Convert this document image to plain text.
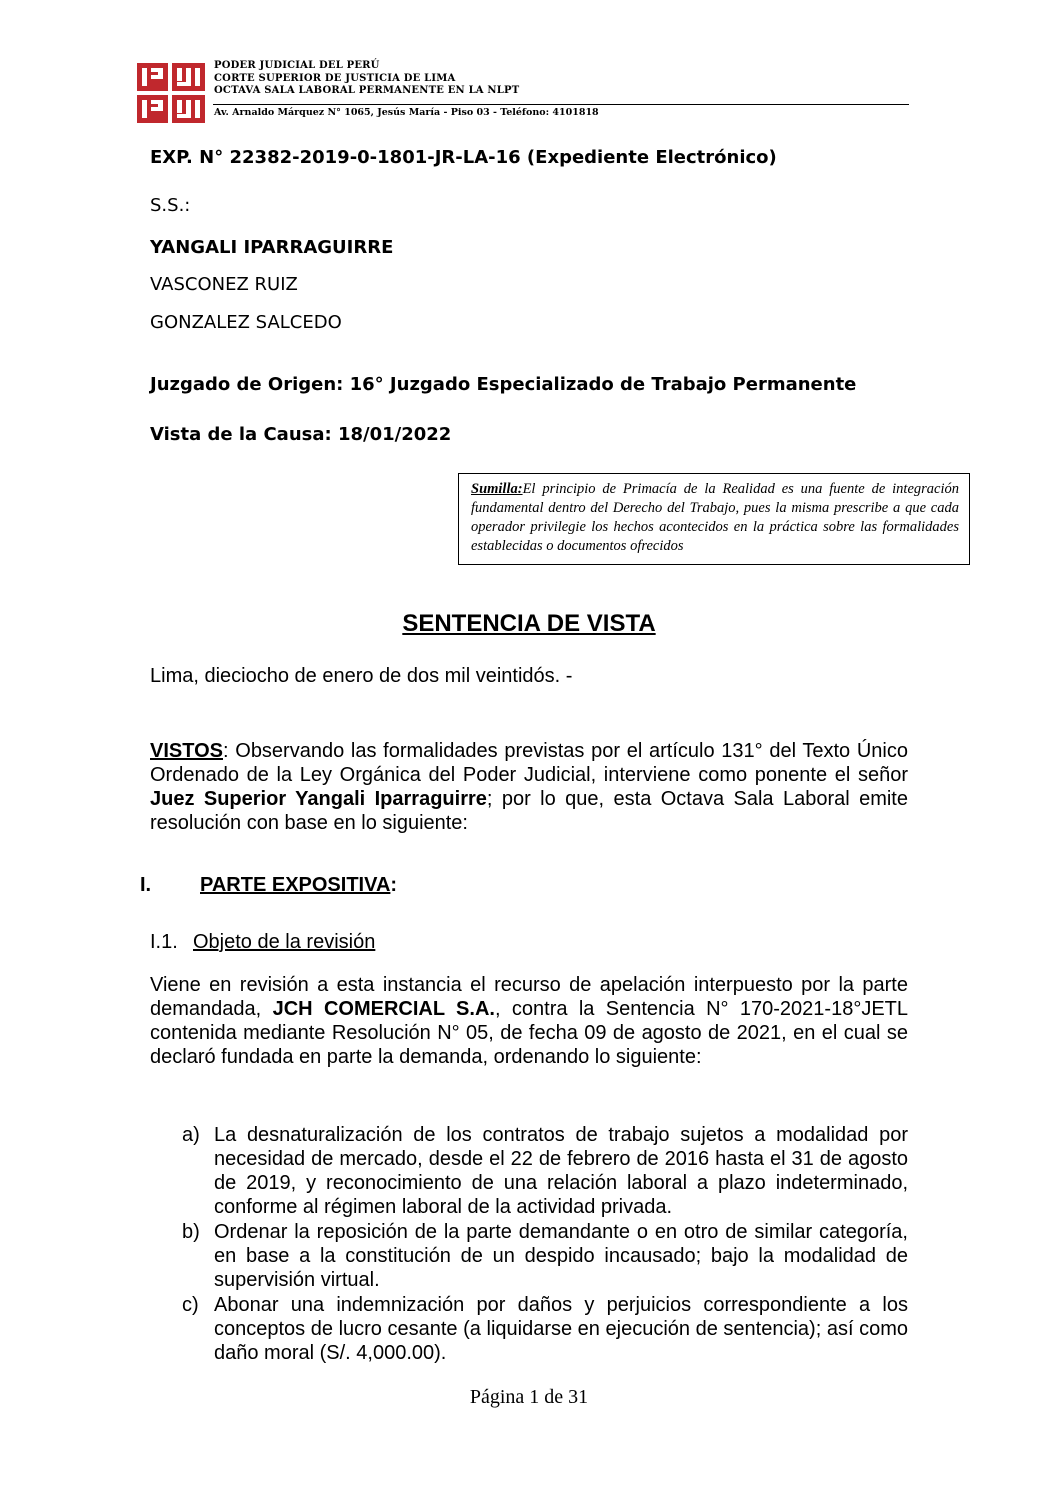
PODER JUDICIAL DEL PERÚ
CORTE SUPERIOR DE JUSTICIA DE LIMA
OCTAVA SALA LABORAL PERMANENTE EN LA NLPT
Av. Arnaldo Márquez N° 1065, Jesús María - Piso 03 - Teléfono: 4101818
EXP. N° 22382-2019-0-1801-JR-LA-16 (Expediente Electrónico)
S.S.:
YANGALI IPARRAGUIRRE
VASCONEZ RUIZ
GONZALEZ SALCEDO
Juzgado de Origen: 16° Juzgado Especializado de Trabajo Permanente
Vista de la Causa: 18/01/2022
Sumilla:El principio de Primacía de la Realidad es una fuente de integración fundamental dentro del Derecho del Trabajo, pues la misma prescribe a que cada operador privilegie los hechos acontecidos en la práctica sobre las formalidades establecidas o documentos ofrecidos
SENTENCIA DE VISTA
Lima, dieciocho de enero de dos mil veintidós. -
VISTOS: Observando las formalidades previstas por el artículo 131° del Texto Único Ordenado de la Ley Orgánica del Poder Judicial, interviene como ponente el señor Juez Superior Yangali Iparraguirre; por lo que, esta Octava Sala Laboral emite resolución con base en lo siguiente:
I. PARTE EXPOSITIVA:
I.1. Objeto de la revisión
Viene en revisión a esta instancia el recurso de apelación interpuesto por la parte demandada, JCH COMERCIAL S.A., contra la Sentencia N° 170-2021-18°JETL contenida mediante Resolución N° 05, de fecha 09 de agosto de 2021, en el cual se declaró fundada en parte la demanda, ordenando lo siguiente:
a) La desnaturalización de los contratos de trabajo sujetos a modalidad por necesidad de mercado, desde el 22 de febrero de 2016 hasta el 31 de agosto de 2019, y reconocimiento de una relación laboral a plazo indeterminado, conforme al régimen laboral de la actividad privada.
b) Ordenar la reposición de la parte demandante o en otro de similar categoría, en base a la constitución de un despido incausado; bajo la modalidad de supervisión virtual.
c) Abonar una indemnización por daños y perjuicios correspondiente a los conceptos de lucro cesante (a liquidarse en ejecución de sentencia); así como daño moral (S/. 4,000.00).
Página 1 de 31
